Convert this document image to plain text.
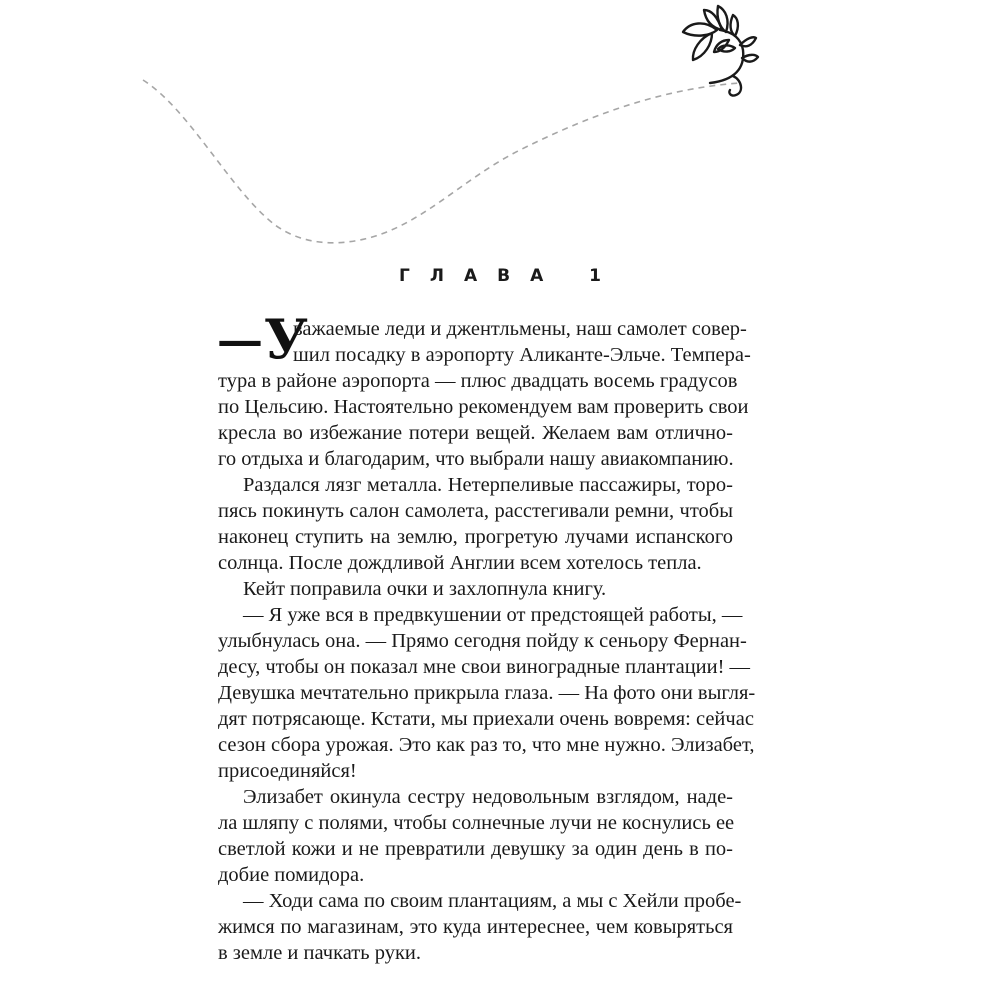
ГЛАВА 1
— У
важаемые леди и джентльмены, наш самолет совер-
шил посадку в аэропорту Аликанте-Эльче. Темпера-
тура в районе аэропорта — плюс двадцать восемь градусов
по Цельсию. Настоятельно рекомендуем вам проверить свои
кресла во избежание потери вещей. Желаем вам отлично-
го отдыха и благодарим, что выбрали нашу авиакомпанию.
Раздался лязг металла. Нетерпеливые пассажиры, торо-
пясь покинуть салон самолета, расстегивали ремни, чтобы
наконец ступить на землю, прогретую лучами испанского
солнца. После дождливой Англии всем хотелось тепла.
Кейт поправила очки и захлопнула книгу.
— Я уже вся в предвкушении от предстоящей работы, —
улыбнулась она. — Прямо сегодня пойду к сеньору Фернан-
десу, чтобы он показал мне свои виноградные плантации! —
Девушка мечтательно прикрыла глаза. — На фото они выгля-
дят потрясающе. Кстати, мы приехали очень вовремя: сейчас
сезон сбора урожая. Это как раз то, что мне нужно. Элизабет,
присоединяйся!
Элизабет окинула сестру недовольным взглядом, наде-
ла шляпу с полями, чтобы солнечные лучи не коснулись ее
светлой кожи и не превратили девушку за один день в по-
добие помидора.
— Ходи сама по своим плантациям, а мы с Хейли пробе-
жимся по магазинам, это куда интереснее, чем ковыряться
в земле и пачкать руки.
